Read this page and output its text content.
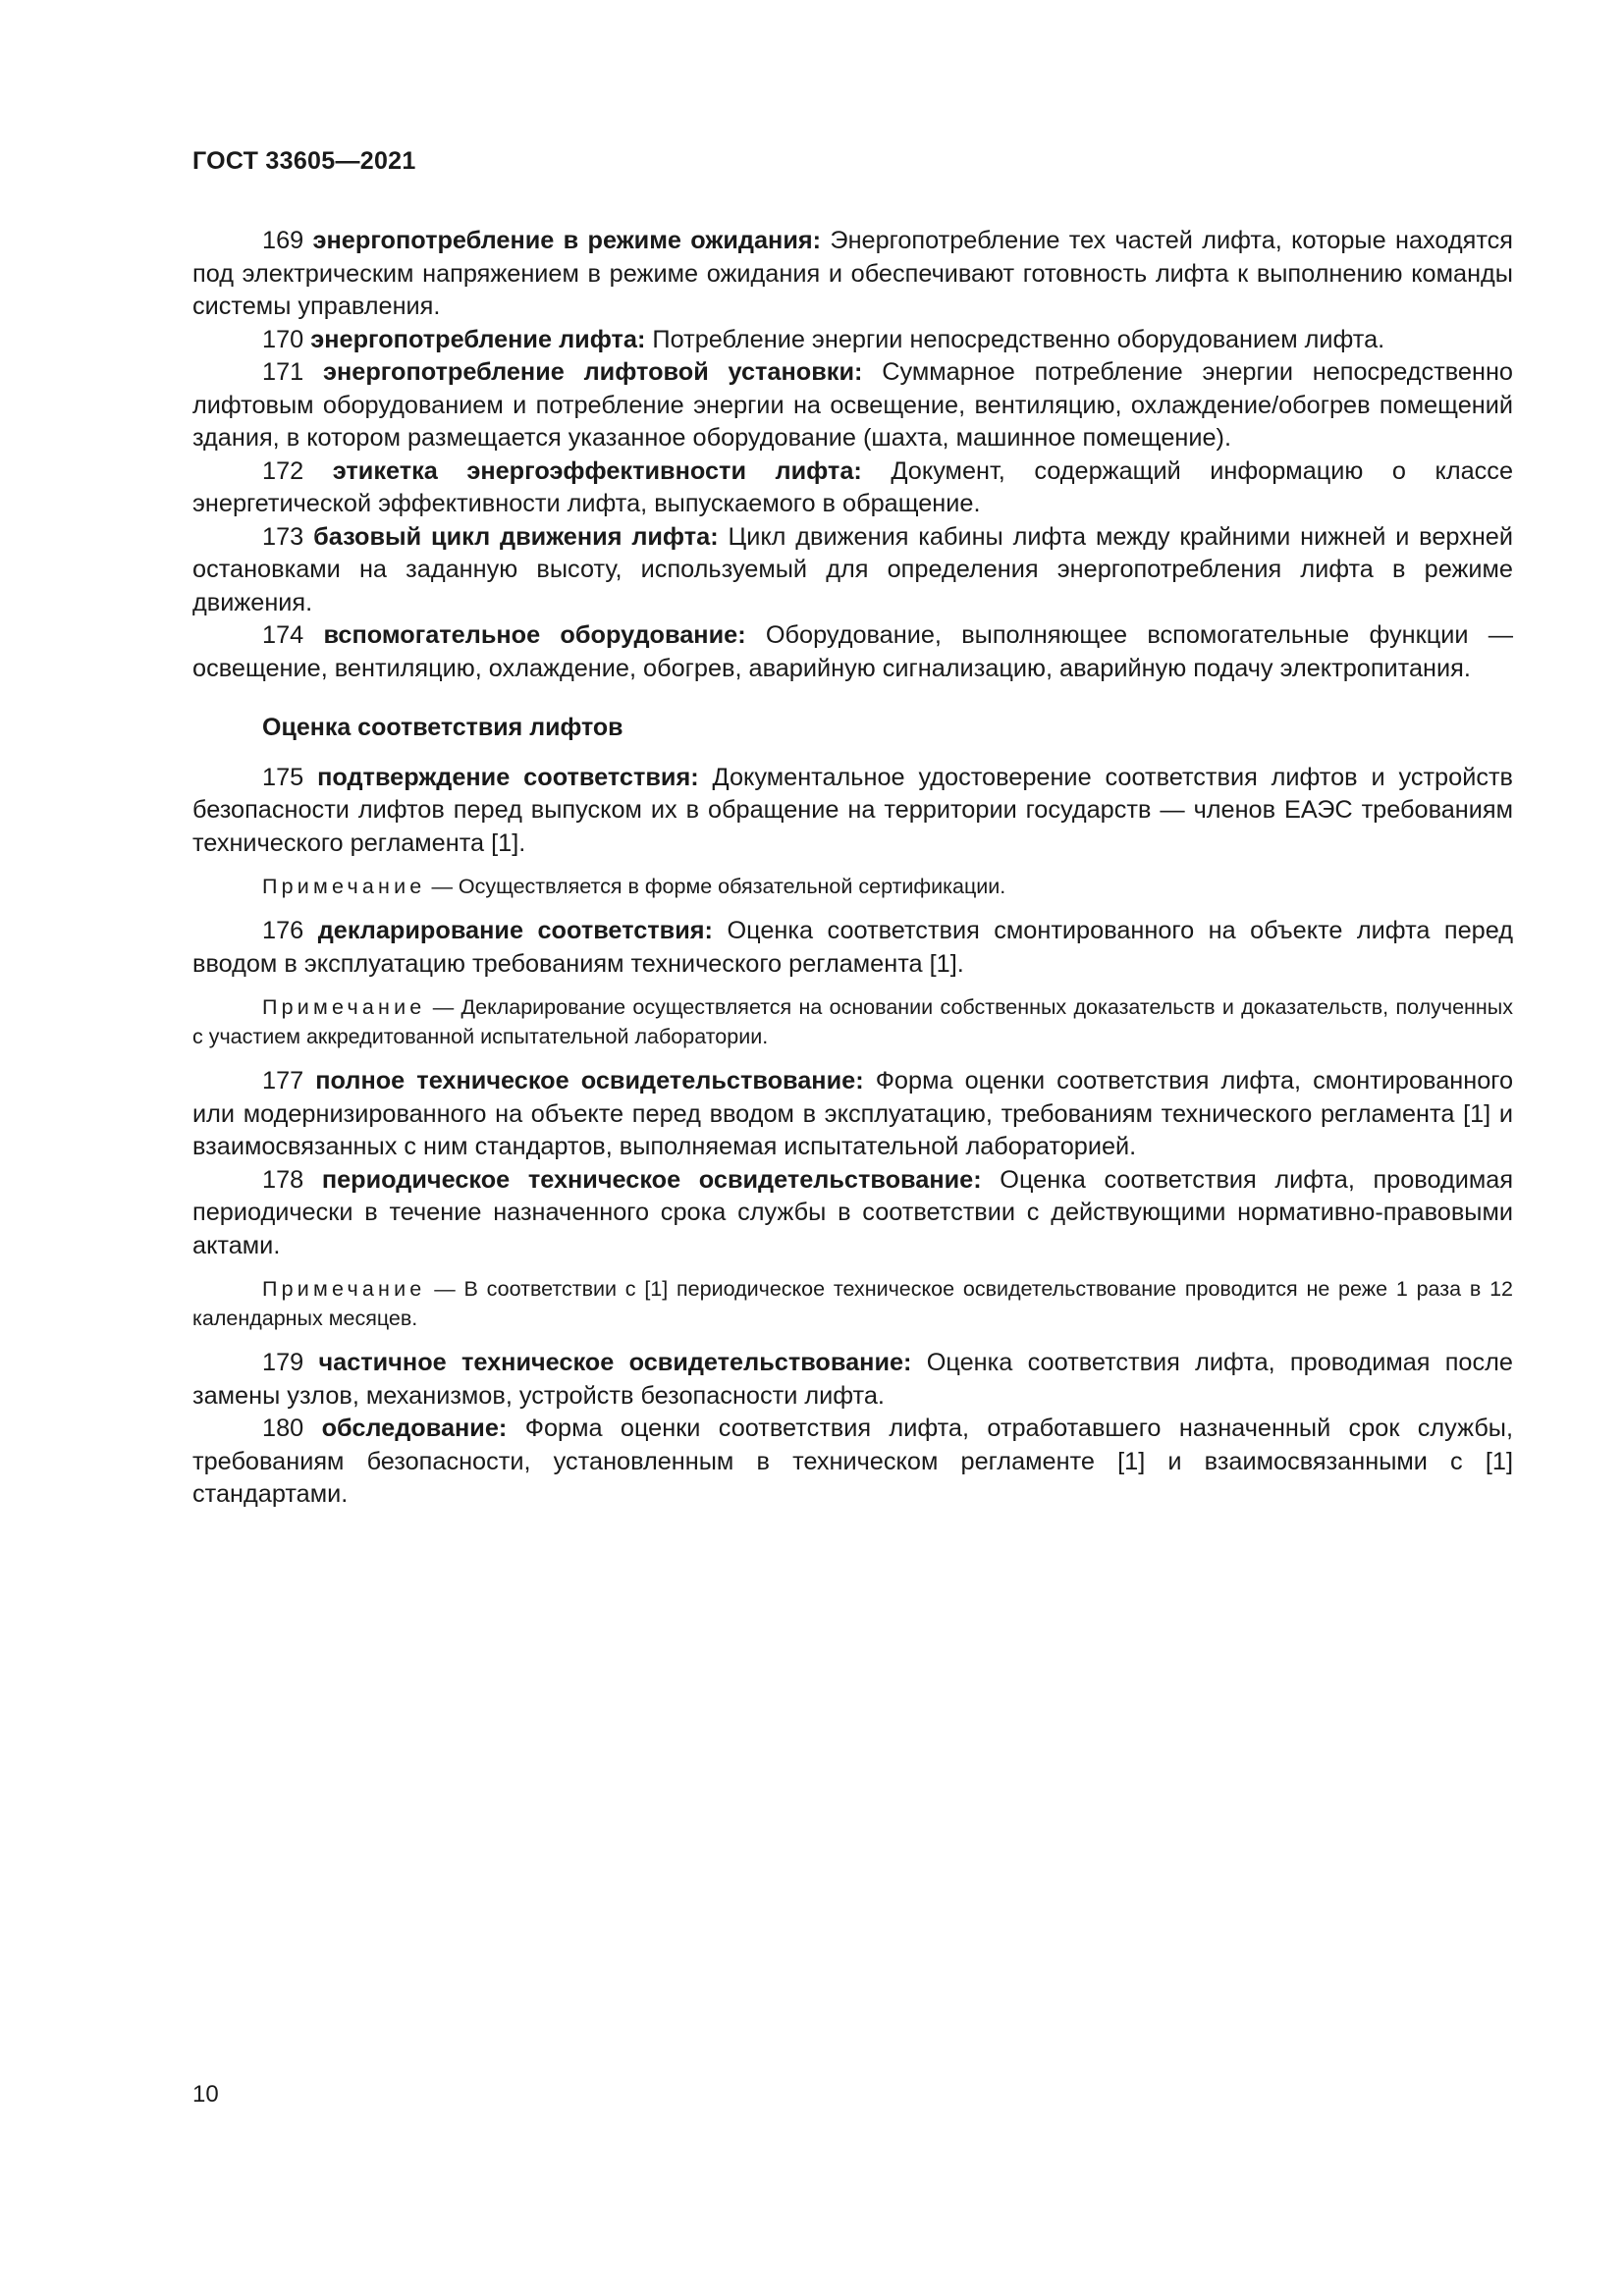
ГОСТ 33605—2021

169 энергопотребление в режиме ожидания: Энергопотребление тех частей лифта, которые находятся под электрическим напряжением в режиме ожидания и обеспечивают готовность лифта к выполнению команды системы управления.

170 энергопотребление лифта: Потребление энергии непосредственно оборудованием лифта.

171 энергопотребление лифтовой установки: Суммарное потребление энергии непосредственно лифтовым оборудованием и потребление энергии на освещение, вентиляцию, охлаждение/обогрев помещений здания, в котором размещается указанное оборудование (шахта, машинное помещение).

172 этикетка энергоэффективности лифта: Документ, содержащий информацию о классе энергетической эффективности лифта, выпускаемого в обращение.

173 базовый цикл движения лифта: Цикл движения кабины лифта между крайними нижней и верхней остановками на заданную высоту, используемый для определения энергопотребления лифта в режиме движения.

174 вспомогательное оборудование: Оборудование, выполняющее вспомогательные функции — освещение, вентиляцию, охлаждение, обогрев, аварийную сигнализацию, аварийную подачу электропитания.

Оценка соответствия лифтов

175 подтверждение соответствия: Документальное удостоверение соответствия лифтов и устройств безопасности лифтов перед выпуском их в обращение на территории государств — членов ЕАЭС требованиям технического регламента [1].

Примечание — Осуществляется в форме обязательной сертификации.

176 декларирование соответствия: Оценка соответствия смонтированного на объекте лифта перед вводом в эксплуатацию требованиям технического регламента [1].

Примечание — Декларирование осуществляется на основании собственных доказательств и доказательств, полученных с участием аккредитованной испытательной лаборатории.

177 полное техническое освидетельствование: Форма оценки соответствия лифта, смонтированного или модернизированного на объекте перед вводом в эксплуатацию, требованиям технического регламента [1] и взаимосвязанных с ним стандартов, выполняемая испытательной лабораторией.

178 периодическое техническое освидетельствование: Оценка соответствия лифта, проводимая периодически в течение назначенного срока службы в соответствии с действующими нормативно-правовыми актами.

Примечание — В соответствии с [1] периодическое техническое освидетельствование проводится не реже 1 раза в 12 календарных месяцев.

179 частичное техническое освидетельствование: Оценка соответствия лифта, проводимая после замены узлов, механизмов, устройств безопасности лифта.

180 обследование: Форма оценки соответствия лифта, отработавшего назначенный срок службы, требованиям безопасности, установленным в техническом регламенте [1] и взаимосвязанными с [1] стандартами.

10
